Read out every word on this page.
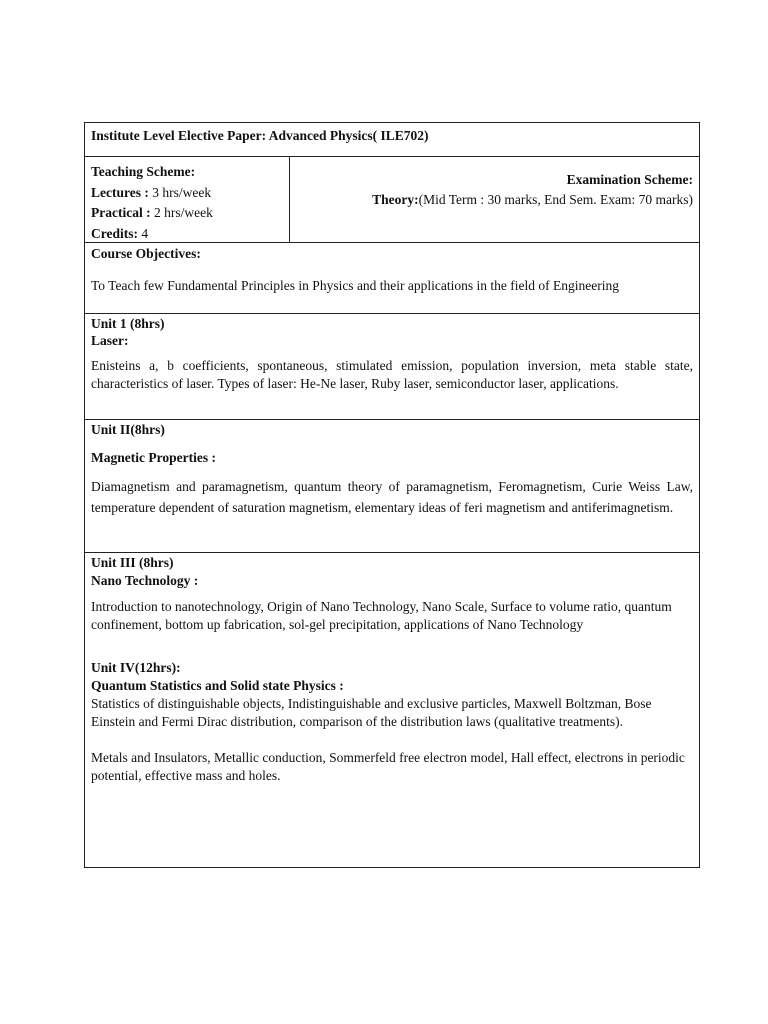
Institute Level Elective Paper: Advanced Physics( ILE702)
Teaching Scheme:
Lectures : 3 hrs/week
Practical : 2 hrs/week
Credits: 4
Examination Scheme:
Theory:(Mid Term : 30 marks, End Sem. Exam: 70 marks)
Course Objectives:
To Teach few Fundamental Principles in Physics and their applications in the field of Engineering
Unit 1 (8hrs)
Laser:

Enisteins a, b coefficients, spontaneous, stimulated emission, population inversion, meta stable state, characteristics of laser. Types of laser: He-Ne laser, Ruby laser, semiconductor laser, applications.

Unit II(8hrs)
Magnetic Properties :

Diamagnetism and paramagnetism, quantum theory of paramagnetism, Feromagnetism, Curie Weiss Law, temperature dependent of saturation magnetism, elementary ideas of feri magnetism and antiferimagnetism.

Unit III (8hrs)
Nano Technology :

Introduction to nanotechnology, Origin of Nano Technology, Nano Scale, Surface to volume ratio, quantum confinement, bottom up fabrication, sol-gel precipitation, applications of Nano Technology

Unit IV(12hrs):
Quantum Statistics and Solid state Physics :

Statistics of distinguishable objects, Indistinguishable and exclusive particles, Maxwell Boltzman, Bose Einstein and Fermi Dirac distribution, comparison of the distribution laws (qualitative treatments).

Metals and Insulators, Metallic conduction, Sommerfeld free electron model, Hall effect, electrons in periodic potential, effective mass and holes.
